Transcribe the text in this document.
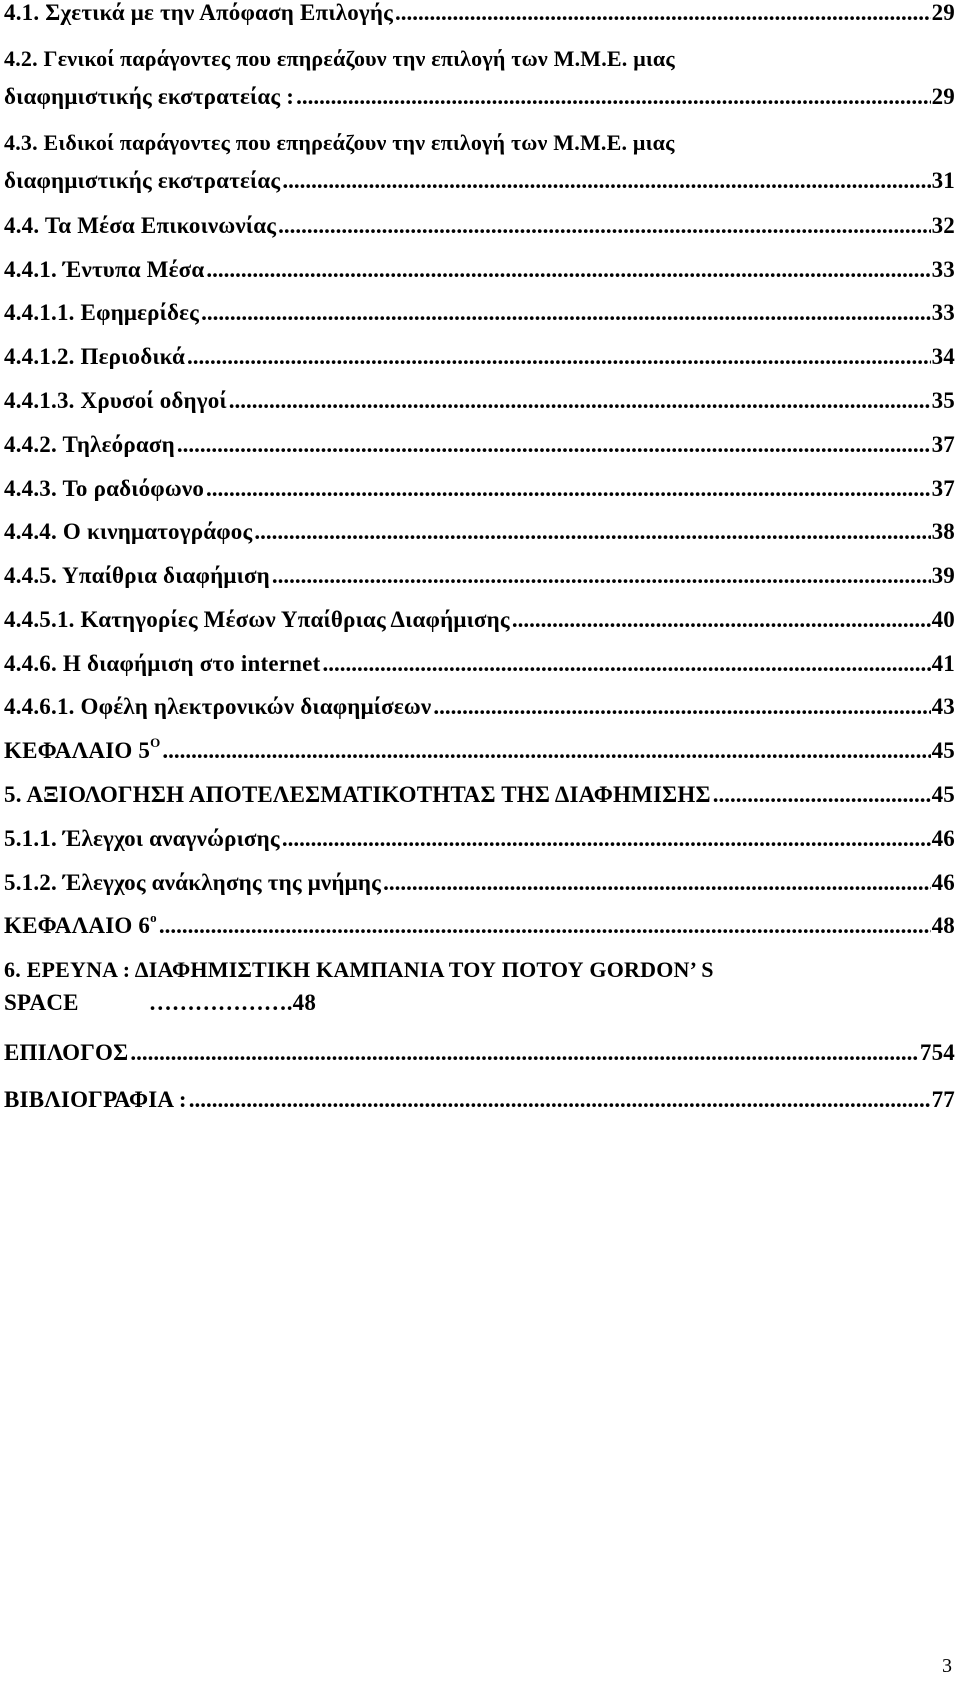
4.1. Σχετικά με την Απόφαση Επιλογής .....	29
4.2. Γενικοί παράγοντες που επηρεάζουν την επιλογή των Μ.Μ.Ε. μιας
διαφημιστικής εκστρατείας : .....	29
4.3. Ειδικοί παράγοντες που επηρεάζουν την επιλογή των Μ.Μ.Ε. μιας
διαφημιστικής εκστρατείας .....	31
4.4. Τα Μέσα Επικοινωνίας .....	32
4.4.1. Έντυπα Μέσα .....	33
4.4.1.1. Εφημερίδες .....	33
4.4.1.2. Περιοδικά .....	34
4.4.1.3. Χρυσοί οδηγοί .....	35
4.4.2. Τηλεόραση .....	37
4.4.3. Το ραδιόφωνο .....	37
4.4.4. Ο κινηματογράφος .....	38
4.4.5. Υπαίθρια διαφήμιση .....	39
4.4.5.1. Κατηγορίες Μέσων Υπαίθριας Διαφήμισης .....	40
4.4.6. Η διαφήμιση στο internet .....	41
4.4.6.1. Οφέλη ηλεκτρονικών διαφημίσεων .....	43
ΚΕΦΑΛΑΙΟ $5^O$ .....	45
5. ΑΞΙΟΛΟΓΗΣΗ ΑΠΟΤΕΛΕΣΜΑΤΙΚΟΤΗΤΑΣ ΤΗΣ ΔΙΑΦΗΜΙΣΗΣ .....	45
5.1.1. Έλεγχοι αναγνώρισης .....	46
5.1.2. Έλεγχος ανάκλησης της μνήμης .....	46
ΚΕΦΑΛΑΙΟ $6^o$ .....	48
6. ΕΡΕΥΝΑ : ΔΙΑΦΗΜΙΣΤΙΚΗ ΚΑΜΠΑΝΙΑ ΤΟΥ ΠΟΤΟΥ GORDON’ S
SPACE ………………	.48
ΕΠΙΛΟΓΟΣ .....	754
ΒΙΒΛΙΟΓΡΑΦΙΑ : .....	77
3
